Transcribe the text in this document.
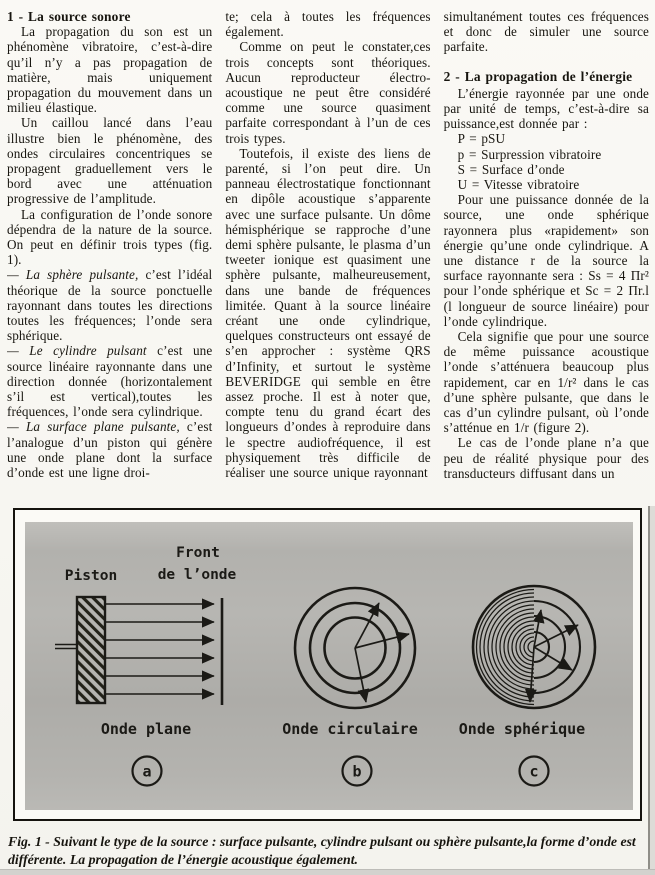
1 - La source sonore

La propagation du son est un phénomène vibratoire, c’est-à-dire qu’il n’y a pas propagation de matière, mais uniquement propagation du mouvement dans un milieu élastique.

Un caillou lancé dans l’eau illustre bien le phénomène, des ondes circulaires concentriques se propagent graduellement vers le bord avec une atténuation progressive de l’amplitude.

La configuration de l’onde sonore dépendra de la nature de la source. On peut en définir trois types (fig. 1).

— La sphère pulsante, c’est l’idéal théorique de la source ponctuelle rayonnant dans toutes les directions toutes les fréquences; l’onde sera sphérique.

— Le cylindre pulsant c’est une source linéaire rayonnante dans une direction donnée (horizontalement s’il est vertical),toutes les fréquences, l’onde sera cylindrique.

— La surface plane pulsante, c’est l’analogue d’un piston qui génère une onde plane dont la surface d’onde est une ligne droi-

te; cela à toutes les fréquences également.

Comme on peut le constater,ces trois concepts sont théoriques. Aucun reproducteur électro-acoustique ne peut être considéré comme une source quasiment parfaite correspondant à l’un de ces trois types.

Toutefois, il existe des liens de parenté, si l’on peut dire. Un panneau électrostatique fonctionnant en dipôle acoustique s’apparente avec une surface pulsante. Un dôme hémisphérique se rapproche d’une demi sphère pulsante, le plasma d’un tweeter ionique est quasiment une sphère pulsante, malheureusement, dans une bande de fréquences limitée. Quant à la source linéaire créant une onde cylindrique, quelques constructeurs ont essayé de s’en approcher : système QRS d’Infinity, et surtout le système BEVERIDGE qui semble en être assez proche. Il est à noter que, compte tenu du grand écart des longueurs d’ondes à reproduire dans le spectre audiofréquence, il est physiquement très difficile de réaliser une source unique rayonnant

simultanément toutes ces fréquences et donc de simuler une source parfaite.

2 - La propagation de l’énergie

L’énergie rayonnée par une onde par unité de temps, c’est-à-dire sa puissance,est donnée par :

P = pSU

p = Surpression vibratoire

S = Surface d’onde

U = Vitesse vibratoire

Pour une puissance donnée de la source, une onde sphérique rayonnera plus «rapidement» son énergie qu’une onde cylindrique. A une distance r de la source la surface rayonnante sera : Ss = 4 Πr² pour l’onde sphérique et Sc = 2 Πr.l (l longueur de source linéaire) pour l’onde cylindrique.

Cela signifie que pour une source de même puissance acoustique l’onde s’atténuera beaucoup plus rapidement, car en 1/r² dans le cas d’une sphère pulsante, que dans le cas d’un cylindre pulsant, où l’onde s’atténue en 1/r (figure 2).

Le cas de l’onde plane n’a que peu de réalité physique pour des transducteurs diffusant dans un

Piston
Front
de l’onde
Onde plane
a
Onde circulaire
b
Onde sphérique
c
Fig. 1 - Suivant le type de la source : surface pulsante, cylindre pulsant ou sphère pulsante,la forme d’onde est différente. La propagation de l’énergie acoustique également.
